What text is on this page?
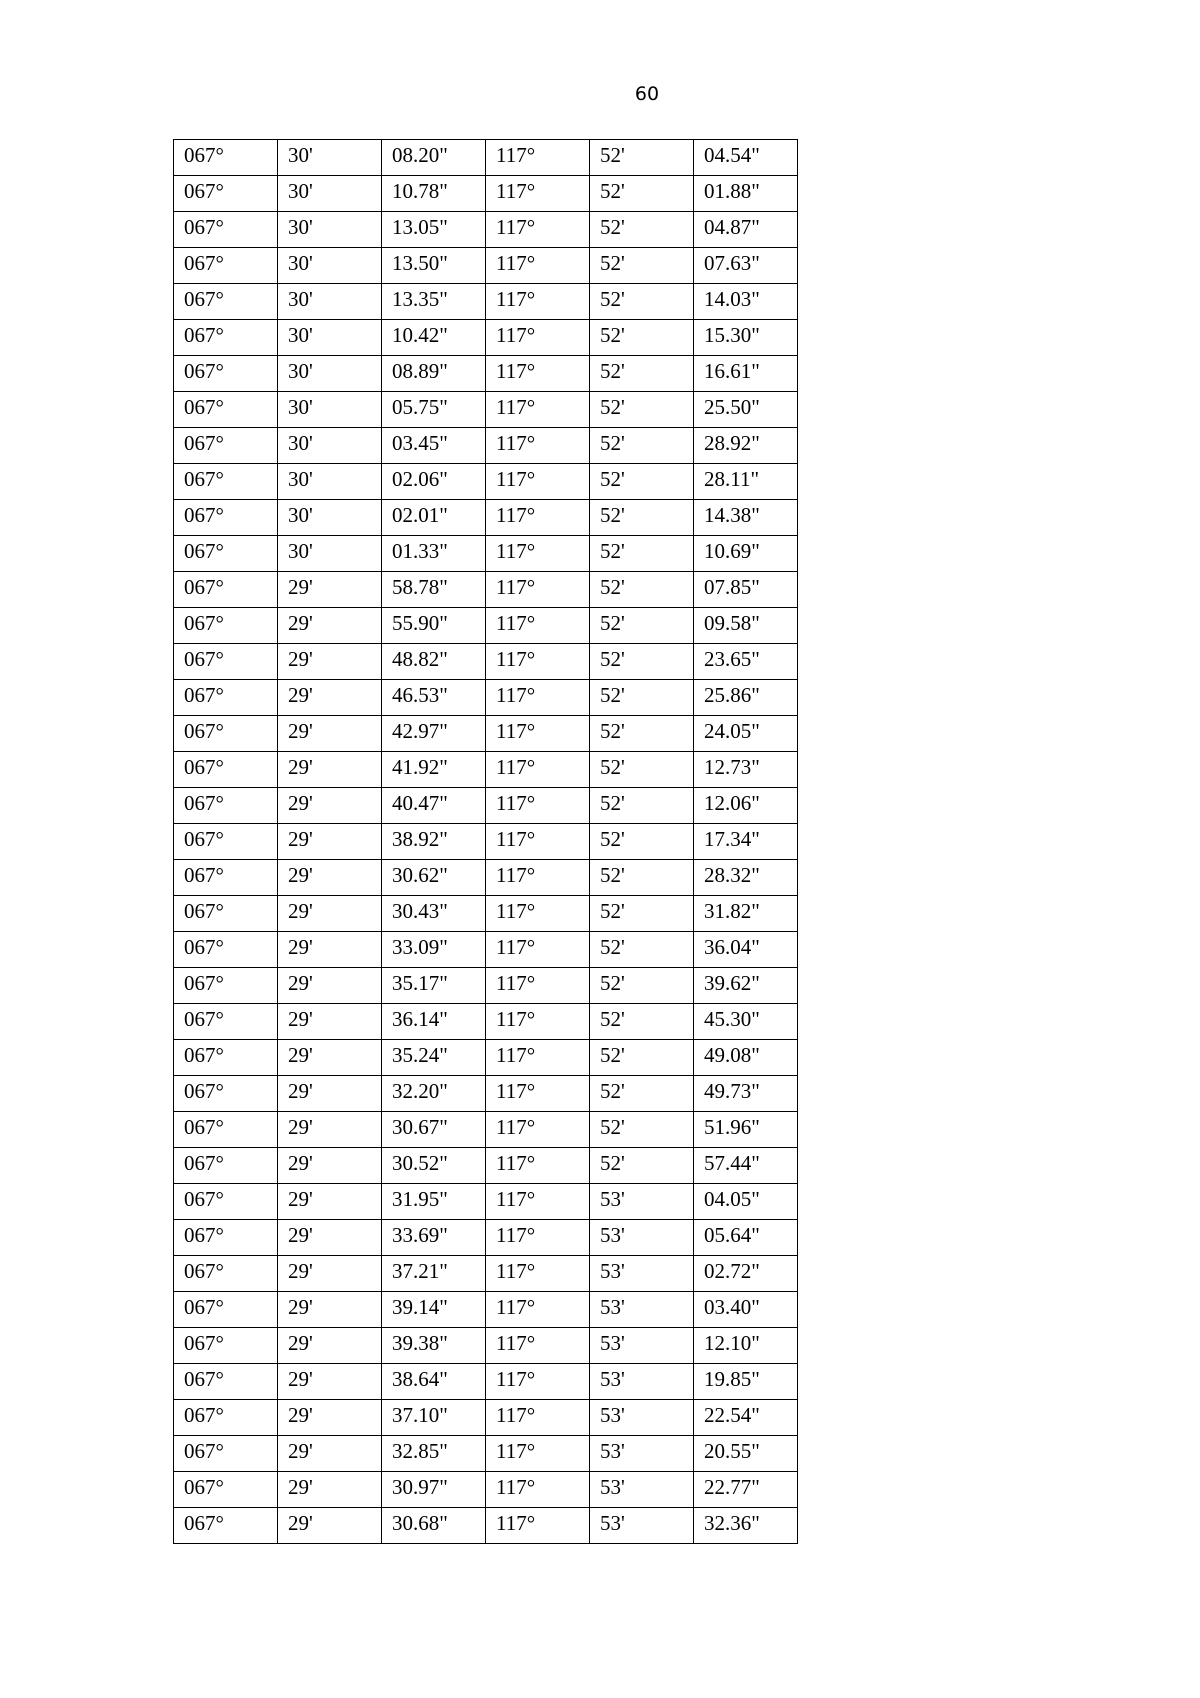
60
067°	30'	08.20"	117°	52'	04.54"
067°	30'	10.78"	117°	52'	01.88"
067°	30'	13.05"	117°	52'	04.87"
067°	30'	13.50"	117°	52'	07.63"
067°	30'	13.35"	117°	52'	14.03"
067°	30'	10.42"	117°	52'	15.30"
067°	30'	08.89"	117°	52'	16.61"
067°	30'	05.75"	117°	52'	25.50"
067°	30'	03.45"	117°	52'	28.92"
067°	30'	02.06"	117°	52'	28.11"
067°	30'	02.01"	117°	52'	14.38"
067°	30'	01.33"	117°	52'	10.69"
067°	29'	58.78"	117°	52'	07.85"
067°	29'	55.90"	117°	52'	09.58"
067°	29'	48.82"	117°	52'	23.65"
067°	29'	46.53"	117°	52'	25.86"
067°	29'	42.97"	117°	52'	24.05"
067°	29'	41.92"	117°	52'	12.73"
067°	29'	40.47"	117°	52'	12.06"
067°	29'	38.92"	117°	52'	17.34"
067°	29'	30.62"	117°	52'	28.32"
067°	29'	30.43"	117°	52'	31.82"
067°	29'	33.09"	117°	52'	36.04"
067°	29'	35.17"	117°	52'	39.62"
067°	29'	36.14"	117°	52'	45.30"
067°	29'	35.24"	117°	52'	49.08"
067°	29'	32.20"	117°	52'	49.73"
067°	29'	30.67"	117°	52'	51.96"
067°	29'	30.52"	117°	52'	57.44"
067°	29'	31.95"	117°	53'	04.05"
067°	29'	33.69"	117°	53'	05.64"
067°	29'	37.21"	117°	53'	02.72"
067°	29'	39.14"	117°	53'	03.40"
067°	29'	39.38"	117°	53'	12.10"
067°	29'	38.64"	117°	53'	19.85"
067°	29'	37.10"	117°	53'	22.54"
067°	29'	32.85"	117°	53'	20.55"
067°	29'	30.97"	117°	53'	22.77"
067°	29'	30.68"	117°	53'	32.36"
